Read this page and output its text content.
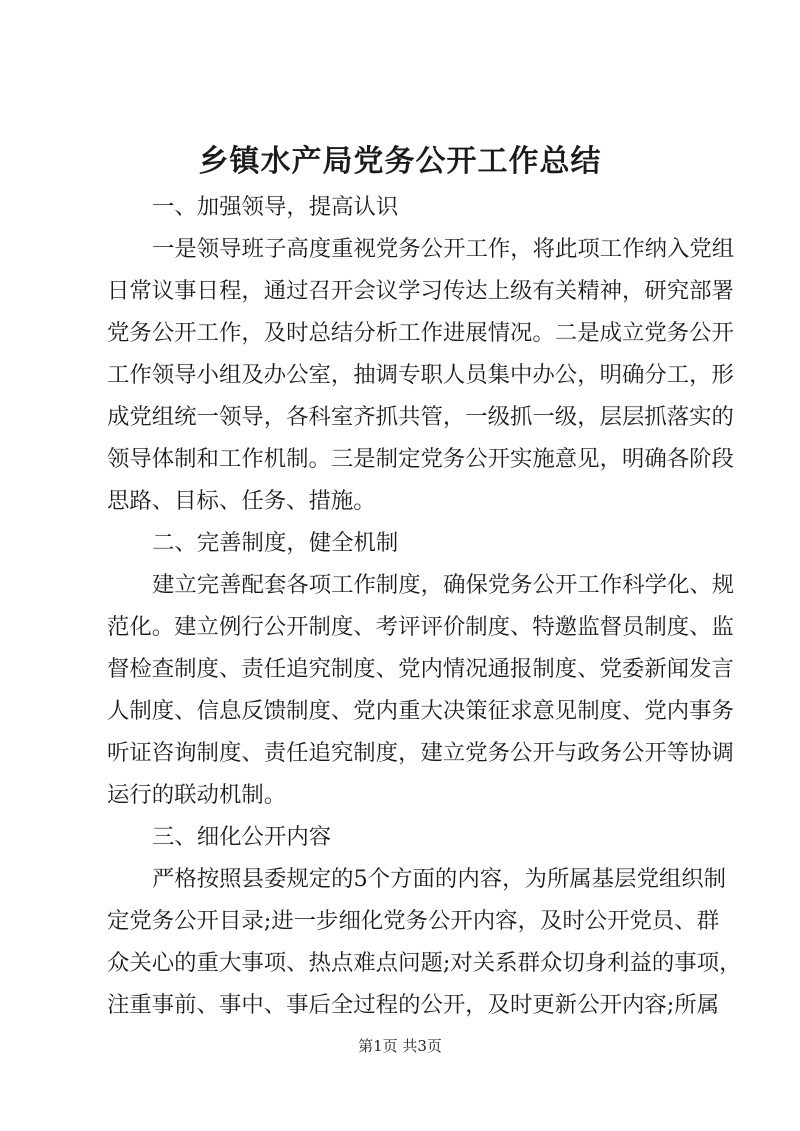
乡镇水产局党务公开工作总结
一、加强领导，提高认识
一是领导班子高度重视党务公开工作，将此项工作纳入党组
日常议事日程，通过召开会议学习传达上级有关精神，研究部署
党务公开工作，及时总结分析工作进展情况。二是成立党务公开
工作领导小组及办公室，抽调专职人员集中办公，明确分工，形
成党组统一领导，各科室齐抓共管，一级抓一级，层层抓落实的
领导体制和工作机制。三是制定党务公开实施意见，明确各阶段
思路、目标、任务、措施。
二、完善制度，健全机制
建立完善配套各项工作制度，确保党务公开工作科学化、规
范化。建立例行公开制度、考评评价制度、特邀监督员制度、监
督检查制度、责任追究制度、党内情况通报制度、党委新闻发言
人制度、信息反馈制度、党内重大决策征求意见制度、党内事务
听证咨询制度、责任追究制度，建立党务公开与政务公开等协调
运行的联动机制。
三、细化公开内容
严格按照县委规定的5个方面的内容，为所属基层党组织制
定党务公开目录;进一步细化党务公开内容，及时公开党员、群
众关心的重大事项、热点难点问题;对关系群众切身利益的事项，
注重事前、事中、事后全过程的公开，及时更新公开内容;所属
第1页 共3页
